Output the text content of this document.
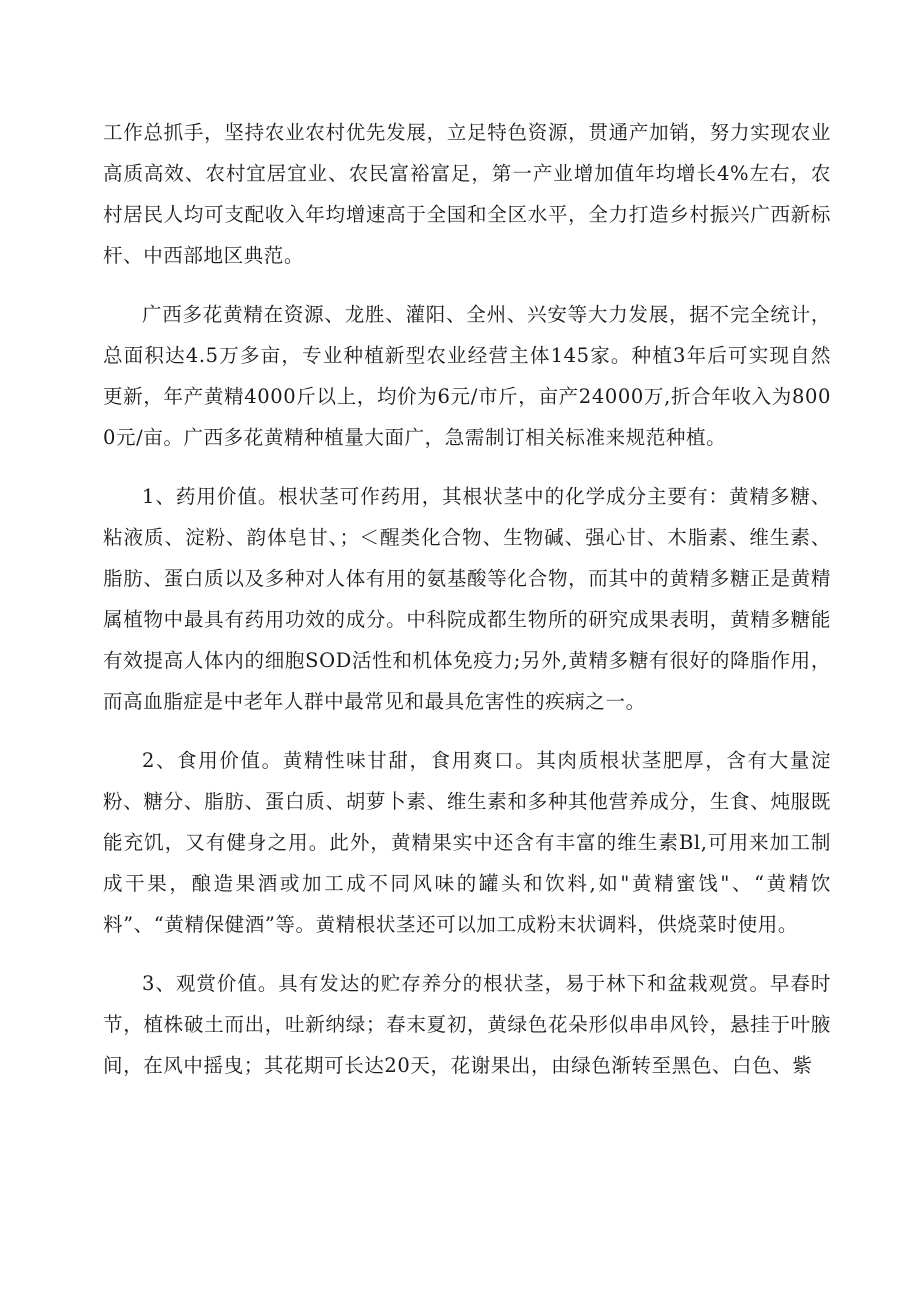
工作总抓手，坚持农业农村优先发展，立足特色资源，贯通产加销，努力实现农业高质高效、农村宜居宜业、农民富裕富足，第一产业增加值年均增长4%左右，农村居民人均可支配收入年均增速高于全国和全区水平，全力打造乡村振兴广西新标杆、中西部地区典范。

广西多花黄精在资源、龙胜、灌阳、全州、兴安等大力发展，据不完全统计，总面积达4.5万多亩，专业种植新型农业经营主体145家。种植3年后可实现自然更新，年产黄精4000斤以上，均价为6元/市斤，亩产24000万,折合年收入为8000元/亩。广西多花黄精种植量大面广，急需制订相关标准来规范种植。

1、药用价值。根状茎可作药用，其根状茎中的化学成分主要有：黄精多糖、粘液质、淀粉、韵体皂甘、；＜醒类化合物、生物碱、强心甘、木脂素、维生素、脂肪、蛋白质以及多种对人体有用的氨基酸等化合物，而其中的黄精多糖正是黄精属植物中最具有药用功效的成分。中科院成都生物所的研究成果表明，黄精多糖能有效提高人体内的细胞SOD活性和机体免疫力;另外,黄精多糖有很好的降脂作用，而高血脂症是中老年人群中最常见和最具危害性的疾病之一。

2、食用价值。黄精性味甘甜，食用爽口。其肉质根状茎肥厚，含有大量淀粉、糖分、脂肪、蛋白质、胡萝卜素、维生素和多种其他营养成分，生食、炖服既能充饥，又有健身之用。此外，黄精果实中还含有丰富的维生素Bl,可用来加工制成干果，酿造果酒或加工成不同风味的罐头和饮料,如"黄精蜜饯"、“黄精饮料”、“黄精保健酒”等。黄精根状茎还可以加工成粉末状调料，供烧菜时使用。

3、观赏价值。具有发达的贮存养分的根状茎，易于林下和盆栽观赏。早春时节，植株破土而出，吐新纳绿；春末夏初，黄绿色花朵形似串串风铃，悬挂于叶腋间，在风中摇曳；其花期可长达20天，花谢果出，由绿色渐转至黑色、白色、紫
